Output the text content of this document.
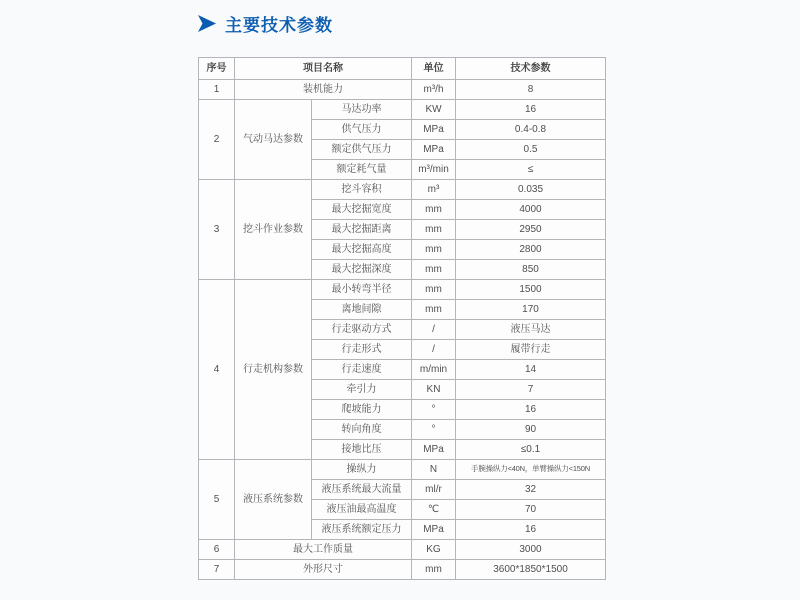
主要技术参数
序号	项目名称		单位	技术参数
1	装机能力		m³/h	8
2	气动马达参数	马达功率	KW	16
		供气压力	MPa	0.4-0.8
		额定供气压力	MPa	0.5
		额定耗气量	m³/min	≤
3	挖斗作业参数	挖斗容积	m³	0.035
		最大挖掘宽度	mm	4000
		最大挖掘距离	mm	2950
		最大挖掘高度	mm	2800
		最大挖掘深度	mm	850
4	行走机构参数	最小转弯半径	mm	1500
		离地间隙	mm	170
		行走驱动方式	/	液压马达
		行走形式	/	履带行走
		行走速度	m/min	14
		牵引力	KN	7
		爬坡能力	°	16
		转向角度	°	90
		接地比压	MPa	≤0.1
5	液压系统参数	操纵力	N	手腕操纵力<40N，单臂操纵力<150N
		液压系统最大流量	ml/r	32
		液压油最高温度	℃	70
		液压系统额定压力	MPa	16
6	最大工作质量		KG	3000
7	外形尺寸		mm	3600*1850*1500
